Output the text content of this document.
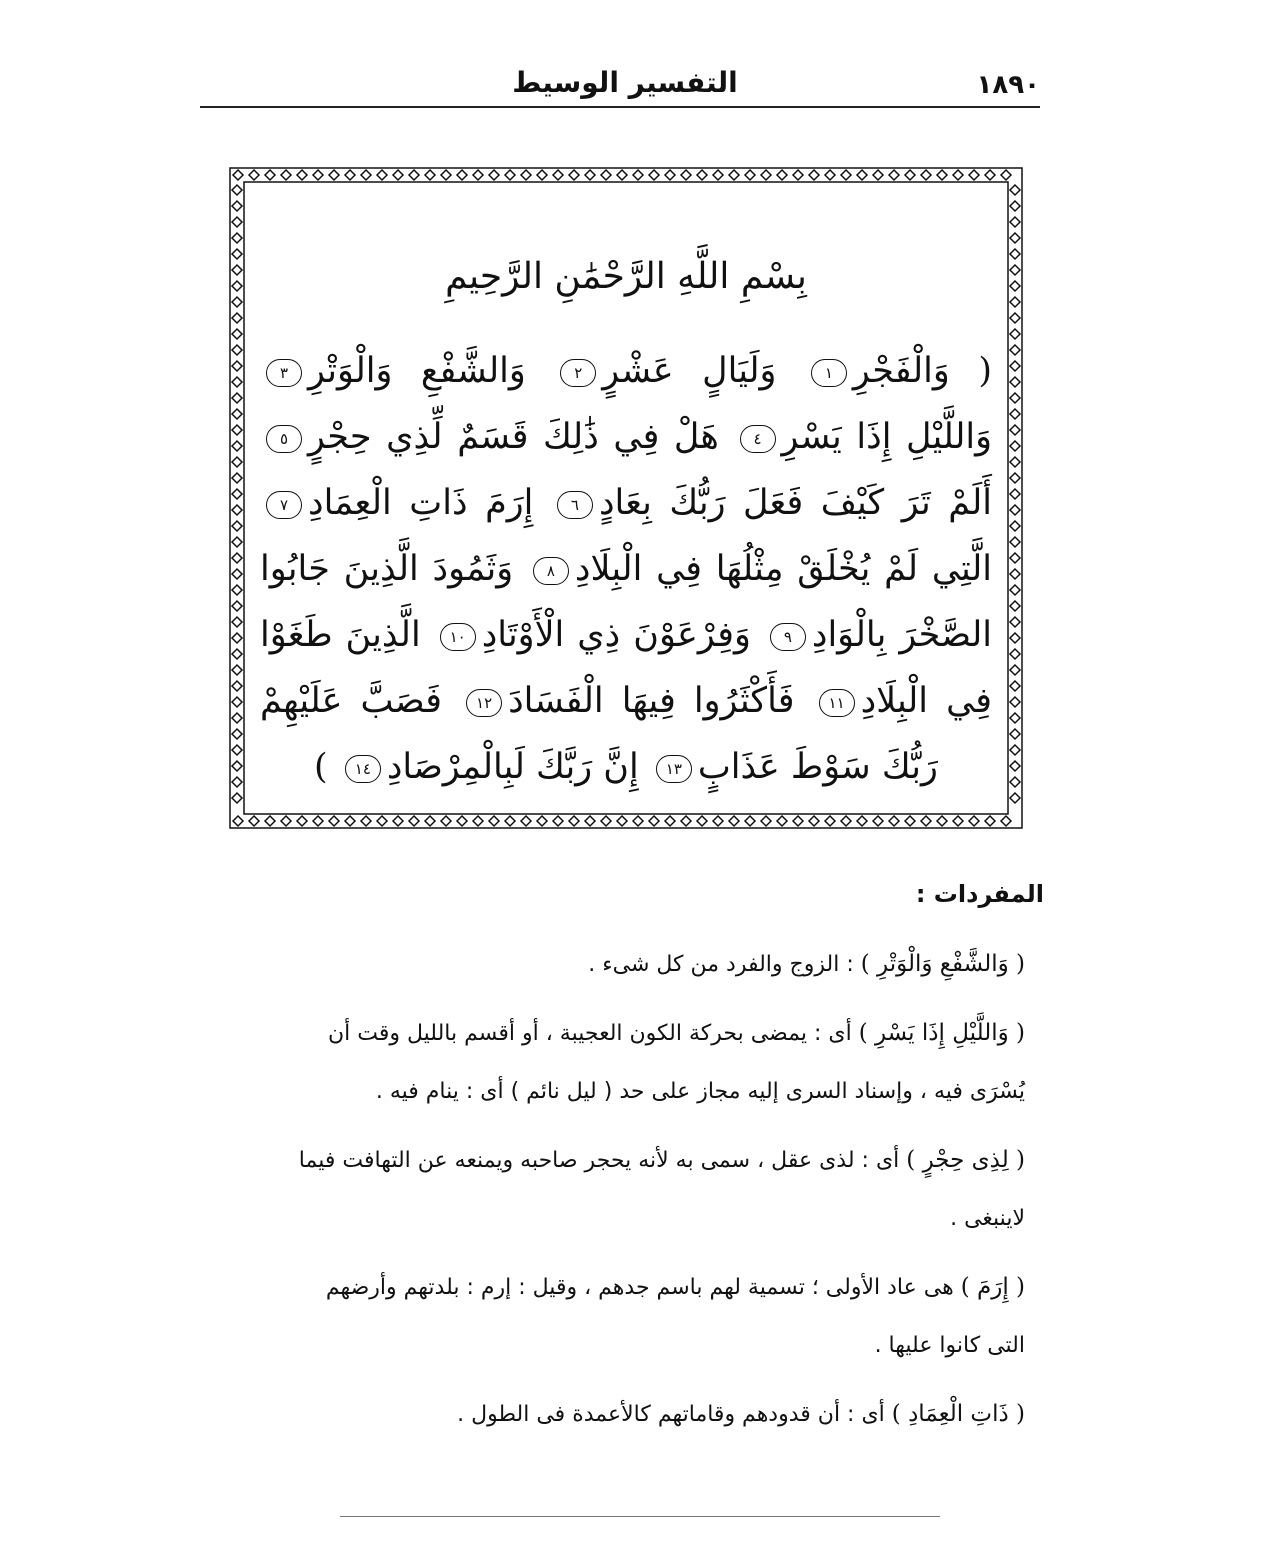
١٨٩٠
التفسير الوسيط
بِسْمِ اللَّهِ الرَّحْمَٰنِ الرَّحِيمِ
( وَالْفَجْرِ١ وَلَيَالٍ عَشْرٍ٢ وَالشَّفْعِ وَالْوَتْرِ٣ وَاللَّيْلِ إِذَا يَسْرِ٤ هَلْ فِي ذَٰلِكَ قَسَمٌ لِّذِي حِجْرٍ٥ أَلَمْ تَرَ كَيْفَ فَعَلَ رَبُّكَ بِعَادٍ٦ إِرَمَ ذَاتِ الْعِمَادِ٧ الَّتِي لَمْ يُخْلَقْ مِثْلُهَا فِي الْبِلَادِ٨ وَثَمُودَ الَّذِينَ جَابُوا الصَّخْرَ بِالْوَادِ٩ وَفِرْعَوْنَ ذِي الْأَوْتَادِ١٠ الَّذِينَ طَغَوْا فِي الْبِلَادِ١١ فَأَكْثَرُوا فِيهَا الْفَسَادَ١٢ فَصَبَّ عَلَيْهِمْ رَبُّكَ سَوْطَ عَذَابٍ١٣ إِنَّ رَبَّكَ لَبِالْمِرْصَادِ١٤ )
المفردات :

( وَالشَّفْعِ وَالْوَتْرِ ) : الزوج والفرد من كل شىء .

( وَاللَّيْلِ إِذَا يَسْرِ ) أى : يمضى بحركة الكون العجيبة ، أو أقسم بالليل وقت أن

يُسْرَى فيه ، وإسناد السرى إليه مجاز على حد ( ليل نائم ) أى : ينام فيه .

( لِذِى حِجْرٍ ) أى : لذى عقل ، سمى به لأنه يحجر صاحبه ويمنعه عن التهافت فيما

لاينبغى .

( إِرَمَ ) هى عاد الأولى ؛ تسمية لهم باسم جدهم ، وقيل : إرم : بلدتهم وأرضهم

التى كانوا عليها .

( ذَاتِ الْعِمَادِ ) أى : أن قدودهم وقاماتهم كالأعمدة فى الطول .
